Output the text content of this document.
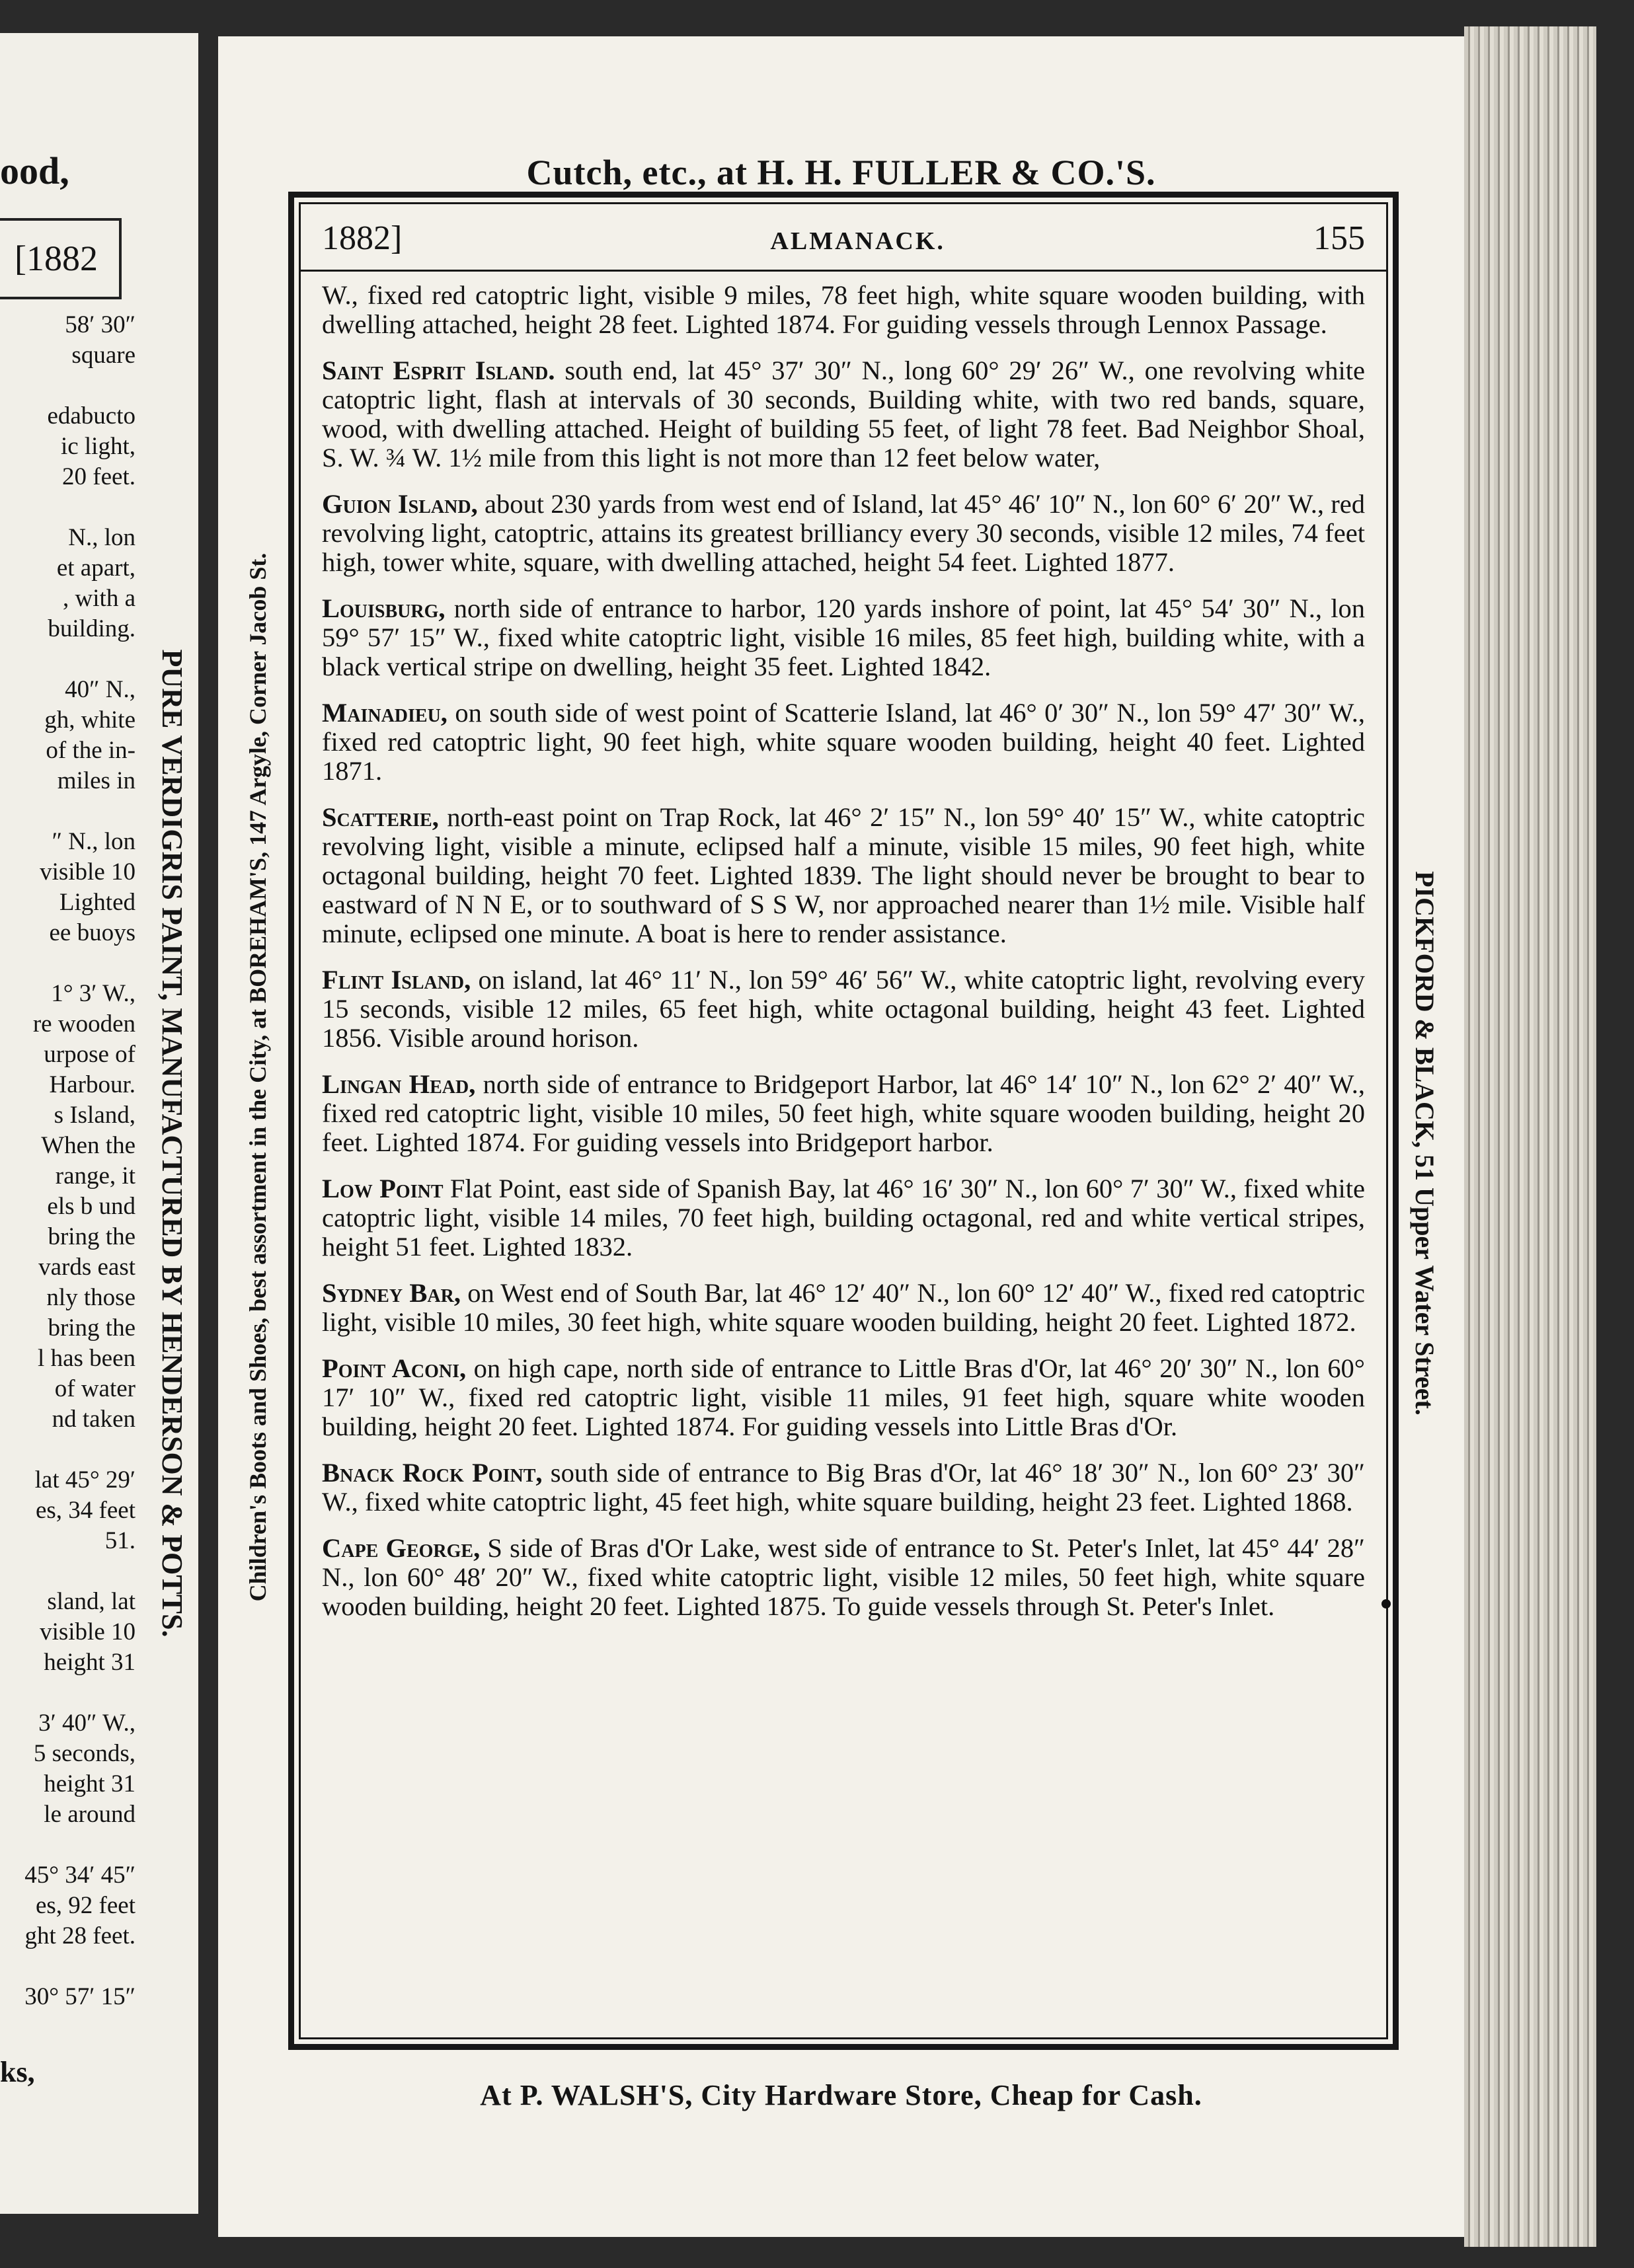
ood,
[1882
58′ 30″
square
edabucto
ic light,
20 feet.
N., lon
et apart,
, with a
building.
40″ N.,
gh, white
of the in-
miles in
″ N., lon
visible 10
Lighted
ee buoys
1° 3′ W.,
re wooden
urpose of
Harbour.
s Island,
When the
range, it
els b und
bring the
vards east
nly those
bring the
l has been
of water
nd taken
lat 45° 29′
es, 34 feet
51.
sland, lat
visible 10
height 31
3′ 40″ W.,
5 seconds,
height 31
le around
45° 34′ 45″
es, 92 feet
ght 28 feet.
30° 57′ 15″
ks,
PURE VERDIGRIS PAINT, MANUFACTURED BY HENDERSON & POTTS.
Cutch, etc., at H. H. FULLER & CO.'S.
Children's Boots and Shoes, best assortment in the City, at BOREHAM'S, 147 Argyle, Corner Jacob St.	PICKFORD & BLACK, 51 Upper Water Street.
1882]	ALMANACK.	155

W., fixed red catoptric light, visible 9 miles, 78 feet high, white square wooden building, with dwelling attached, height 28 feet. Lighted 1874. For guiding vessels through Lennox Passage.

Saint Esprit Island. south end, lat 45° 37′ 30″ N., long 60° 29′ 26″ W., one revolving white catoptric light, flash at intervals of 30 seconds, Building white, with two red bands, square, wood, with dwelling attached. Height of building 55 feet, of light 78 feet. Bad Neighbor Shoal, S. W. ¾ W. 1½ mile from this light is not more than 12 feet below water,

Guion Island, about 230 yards from west end of Island, lat 45° 46′ 10″ N., lon 60° 6′ 20″ W., red revolving light, catoptric, attains its greatest brilliancy every 30 seconds, visible 12 miles, 74 feet high, tower white, square, with dwelling attached, height 54 feet. Lighted 1877.

Louisburg, north side of entrance to harbor, 120 yards inshore of point, lat 45° 54′ 30″ N., lon 59° 57′ 15″ W., fixed white catoptric light, visible 16 miles, 85 feet high, building white, with a black vertical stripe on dwelling, height 35 feet. Lighted 1842.

Mainadieu, on south side of west point of Scatterie Island, lat 46° 0′ 30″ N., lon 59° 47′ 30″ W., fixed red catoptric light, 90 feet high, white square wooden building, height 40 feet. Lighted 1871.

Scatterie, north-east point on Trap Rock, lat 46° 2′ 15″ N., lon 59° 40′ 15″ W., white catoptric revolving light, visible a minute, eclipsed half a minute, visible 15 miles, 90 feet high, white octagonal building, height 70 feet. Lighted 1839. The light should never be brought to bear to eastward of N N E, or to southward of S S W, nor approached nearer than 1½ mile. Visible half minute, eclipsed one minute. A boat is here to render assistance.

Flint Island, on island, lat 46° 11′ N., lon 59° 46′ 56″ W., white catoptric light, revolving every 15 seconds, visible 12 miles, 65 feet high, white octagonal building, height 43 feet. Lighted 1856. Visible around horison.

Lingan Head, north side of entrance to Bridgeport Harbor, lat 46° 14′ 10″ N., lon 62° 2′ 40″ W., fixed red catoptric light, visible 10 miles, 50 feet high, white square wooden building, height 20 feet. Lighted 1874. For guiding vessels into Bridgeport harbor.

Low Point Flat Point, east side of Spanish Bay, lat 46° 16′ 30″ N., lon 60° 7′ 30″ W., fixed white catoptric light, visible 14 miles, 70 feet high, building octagonal, red and white vertical stripes, height 51 feet. Lighted 1832.

Sydney Bar, on West end of South Bar, lat 46° 12′ 40″ N., lon 60° 12′ 40″ W., fixed red catoptric light, visible 10 miles, 30 feet high, white square wooden building, height 20 feet. Lighted 1872.

Point Aconi, on high cape, north side of entrance to Little Bras d'Or, lat 46° 20′ 30″ N., lon 60° 17′ 10″ W., fixed red catoptric light, visible 11 miles, 91 feet high, square white wooden building, height 20 feet. Lighted 1874. For guiding vessels into Little Bras d'Or.

Bnack Rock Point, south side of entrance to Big Bras d'Or, lat 46° 18′ 30″ N., lon 60° 23′ 30″ W., fixed white catoptric light, 45 feet high, white square building, height 23 feet. Lighted 1868.

Cape George, S side of Bras d'Or Lake, west side of entrance to St. Peter's Inlet, lat 45° 44′ 28″ N., lon 60° 48′ 20″ W., fixed white catoptric light, visible 12 miles, 50 feet high, white square wooden building, height 20 feet. Lighted 1875. To guide vessels through St. Peter's Inlet.

At P. WALSH'S, City Hardware Store, Cheap for Cash.
